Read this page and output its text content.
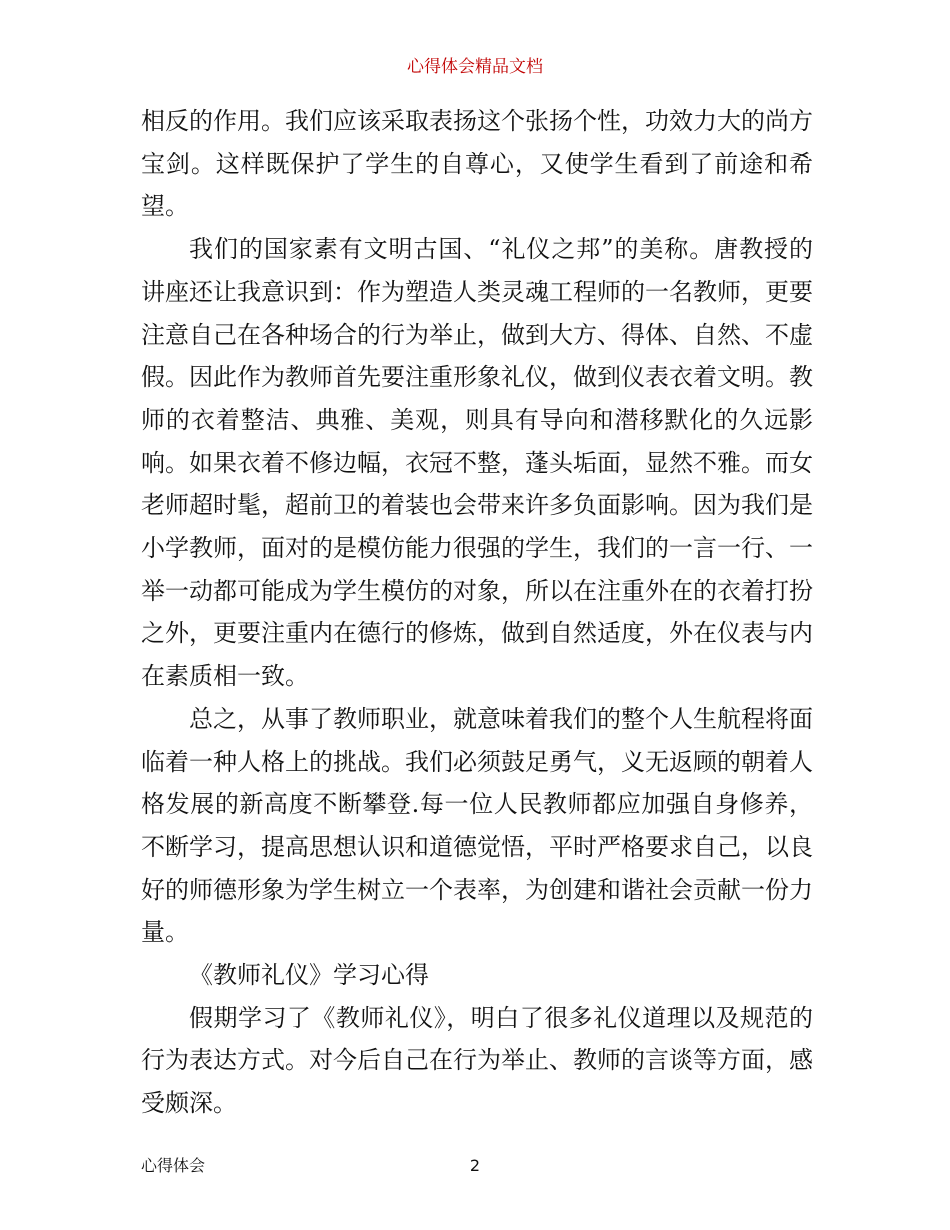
心得体会精品文档

相反的作用。我们应该采取表扬这个张扬个性，功效力大的尚方宝剑。这样既保护了学生的自尊心，又使学生看到了前途和希望。

我们的国家素有文明古国、“礼仪之邦”的美称。唐教授的讲座还让我意识到：作为塑造人类灵魂工程师的一名教师，更要注意自己在各种场合的行为举止，做到大方、得体、自然、不虚假。因此作为教师首先要注重形象礼仪，做到仪表衣着文明。教师的衣着整洁、典雅、美观，则具有导向和潜移默化的久远影响。如果衣着不修边幅，衣冠不整，蓬头垢面，显然不雅。而女老师超时髦，超前卫的着装也会带来许多负面影响。因为我们是小学教师，面对的是模仿能力很强的学生，我们的一言一行、一举一动都可能成为学生模仿的对象，所以在注重外在的衣着打扮之外，更要注重内在德行的修炼，做到自然适度，外在仪表与内在素质相一致。

总之，从事了教师职业，就意味着我们的整个人生航程将面临着一种人格上的挑战。我们必须鼓足勇气，义无返顾的朝着人格发展的新高度不断攀登.每一位人民教师都应加强自身修养，不断学习，提高思想认识和道德觉悟，平时严格要求自己，以良好的师德形象为学生树立一个表率，为创建和谐社会贡献一份力量。

《教师礼仪》学习心得

假期学习了《教师礼仪》，明白了很多礼仪道理以及规范的行为表达方式。对今后自己在行为举止、教师的言谈等方面，感受颇深。

心得体会	2
